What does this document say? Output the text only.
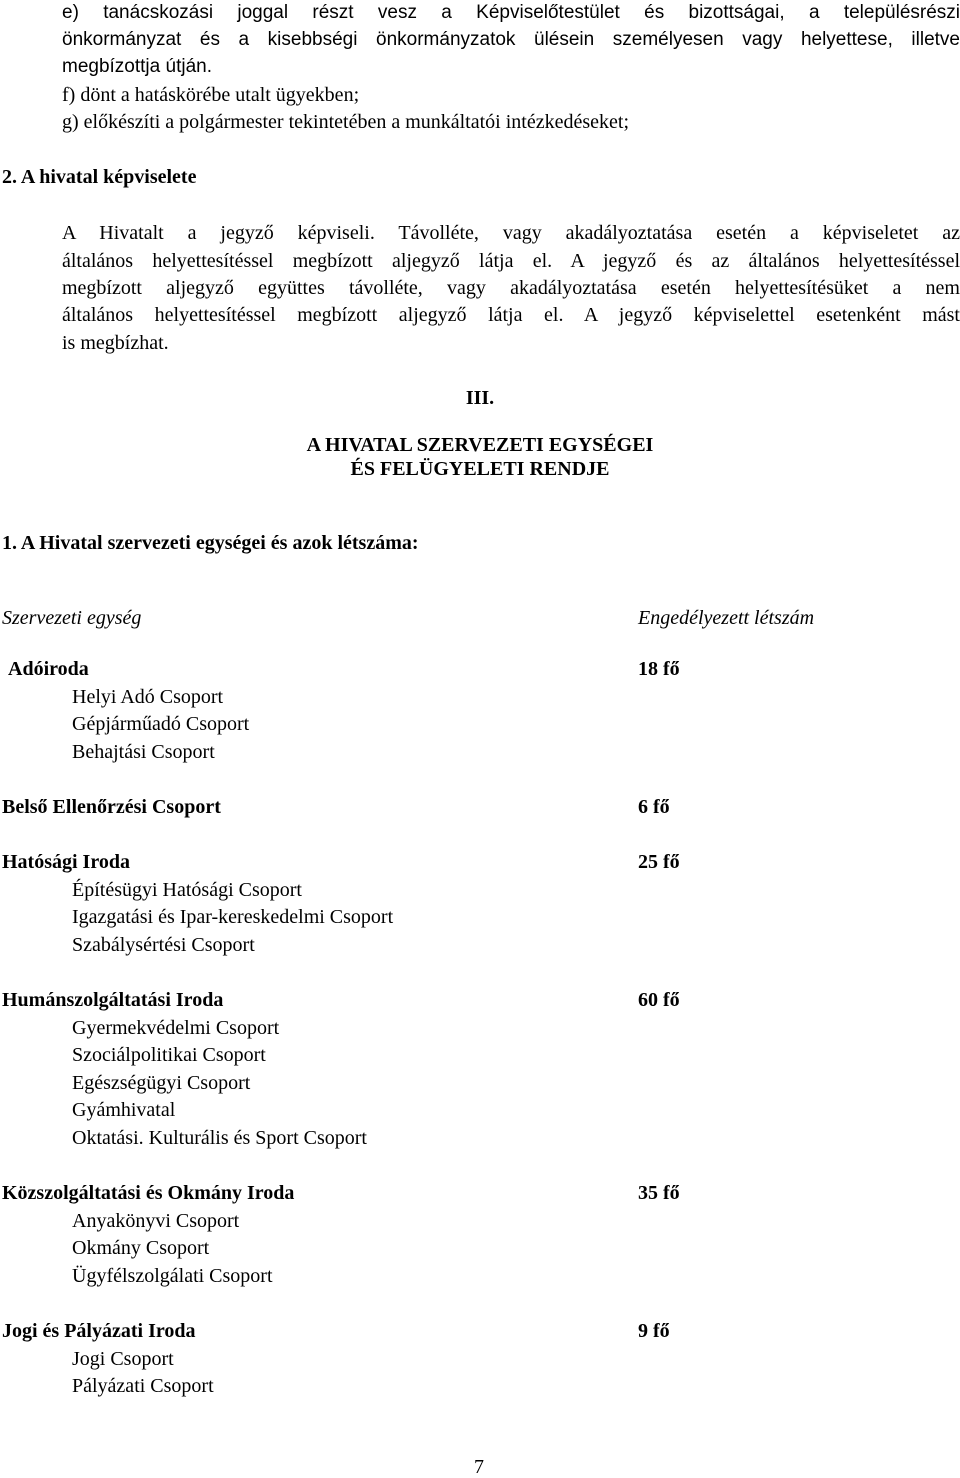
e) tanácskozási joggal részt vesz a Képviselőtestület és bizottságai, a településrészi
önkormányzat és a kisebbségi önkormányzatok ülésein személyesen vagy helyettese, illetve
megbízottja útján.
f) dönt a hatáskörébe utalt ügyekben;
g) előkészíti a polgármester tekintetében a munkáltatói intézkedéseket;
2. A hivatal képviselete
A Hivatalt a jegyző képviseli. Távolléte, vagy akadályoztatása esetén a képviseletet az
általános helyettesítéssel megbízott aljegyző látja el. A jegyző és az általános helyettesítéssel
megbízott aljegyző együttes távolléte, vagy akadályoztatása esetén helyettesítésüket a nem
általános helyettesítéssel megbízott aljegyző látja el. A jegyző képviselettel esetenként mást
is megbízhat.
III.
A HIVATAL SZERVEZETI EGYSÉGEI
ÉS FELÜGYELETI RENDJE
1. A Hivatal szervezeti egységei és azok létszáma:
Szervezeti egység	Engedélyezett létszám
Adóiroda	18 fő
Helyi Adó Csoport
Gépjárműadó Csoport
Behajtási Csoport
Belső Ellenőrzési Csoport	6 fő
Hatósági Iroda	25 fő
Építésügyi Hatósági Csoport
Igazgatási és Ipar-kereskedelmi Csoport
Szabálysértési Csoport
Humánszolgáltatási Iroda	60 fő
Gyermekvédelmi Csoport
Szociálpolitikai Csoport
Egészségügyi Csoport
Gyámhivatal
Oktatási. Kulturális és Sport Csoport
Közszolgáltatási és Okmány Iroda	35 fő
Anyakönyvi Csoport
Okmány Csoport
Ügyfélszolgálati Csoport
Jogi és Pályázati Iroda	9 fő
Jogi Csoport
Pályázati Csoport
7
